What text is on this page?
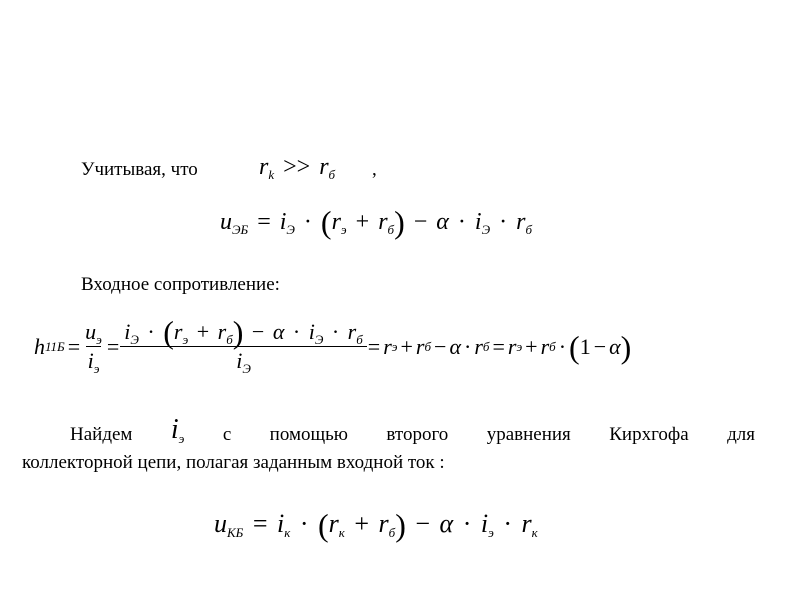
Учитывая, что	$r_k >> r_б$ ,
$u_{ЭБ} = i_Э \cdot (r_э + r_б) - \alpha \cdot i_Э \cdot r_б$
Входное сопротивление:
h $11Б = \frac{u_э}{i_э}$ =
$i_Э \cdot (r_э + r_б) - \alpha \cdot i_Э \cdot r_б$
$i_Э$
= r э + r б − α · r б = r э + r б · ( 1 − α )
Найдем $i_э$ с помощью второго уравнения Кирхгофа для
коллекторной цепи, полагая заданным входной ток :
$u_{КБ} = i_к \cdot (r_к + r_б) - \alpha \cdot i_э \cdot r_к$
